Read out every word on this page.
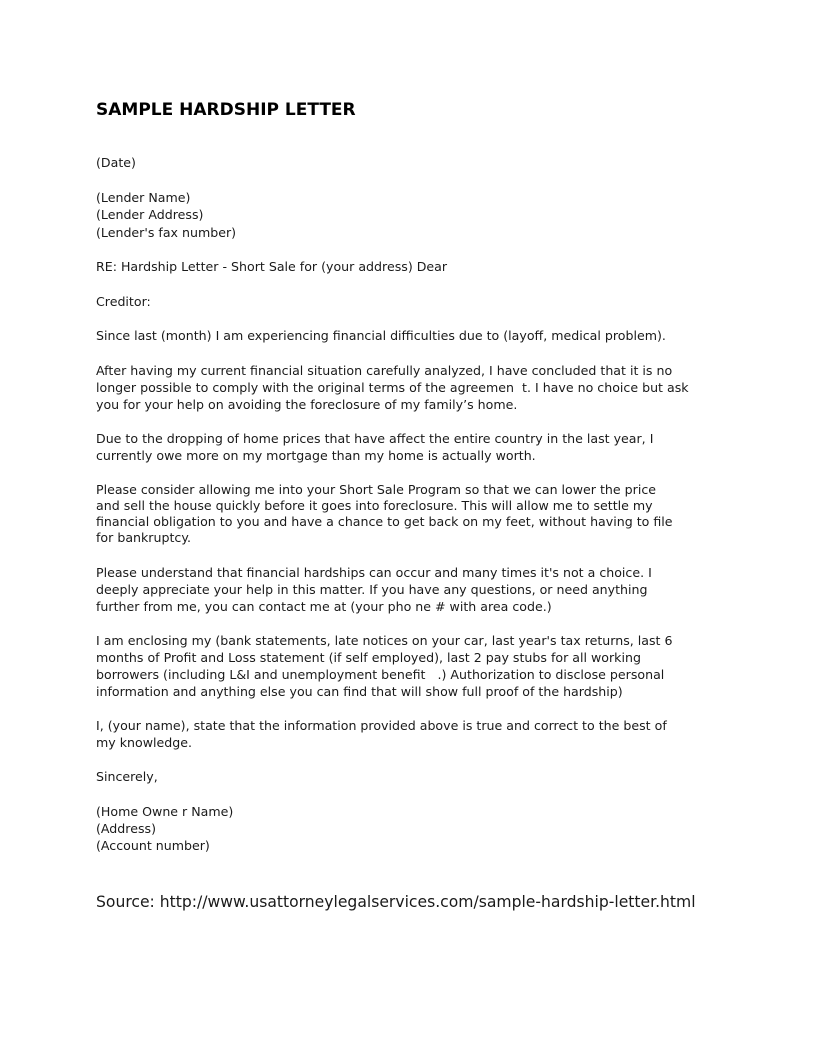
SAMPLE HARDSHIP LETTER
(Date)
(Lender Name)
(Lender Address)
(Lender's fax number)
RE: Hardship Letter - Short Sale for (your address) Dear
Creditor:
Since last (month) I am experiencing financial difficulties due to (layoff, medical problem).
After having my current financial situation carefully analyzed, I have concluded that it is no
longer possible to comply with the original terms of the agreemen  t. I have no choice but ask
you for your help on avoiding the foreclosure of my family’s home.
Due to the dropping of home prices that have affect the entire country in the last year, I
currently owe more on my mortgage than my home is actually worth.
Please consider allowing me into your Short Sale Program so that we can lower the price
and sell the house quickly before it goes into foreclosure. This will allow me to settle my
financial obligation to you and have a chance to get back on my feet, without having to file
for bankruptcy.
Please understand that financial hardships can occur and many times it's not a choice. I
deeply appreciate your help in this matter. If you have any questions, or need anything
further from me, you can contact me at (your pho ne # with area code.)
I am enclosing my (bank statements, late notices on your car, last year's tax returns, last 6
months of Profit and Loss statement (if self employed), last 2 pay stubs for all working
borrowers (including L&I and unemployment benefit   .) Authorization to disclose personal
information and anything else you can find that will show full proof of the hardship)
I, (your name), state that the information provided above is true and correct to the best of
my knowledge.
Sincerely,
(Home Owne r Name)
(Address)
(Account number)
Source: http://www.usattorneylegalservices.com/sample-hardship-letter.html
